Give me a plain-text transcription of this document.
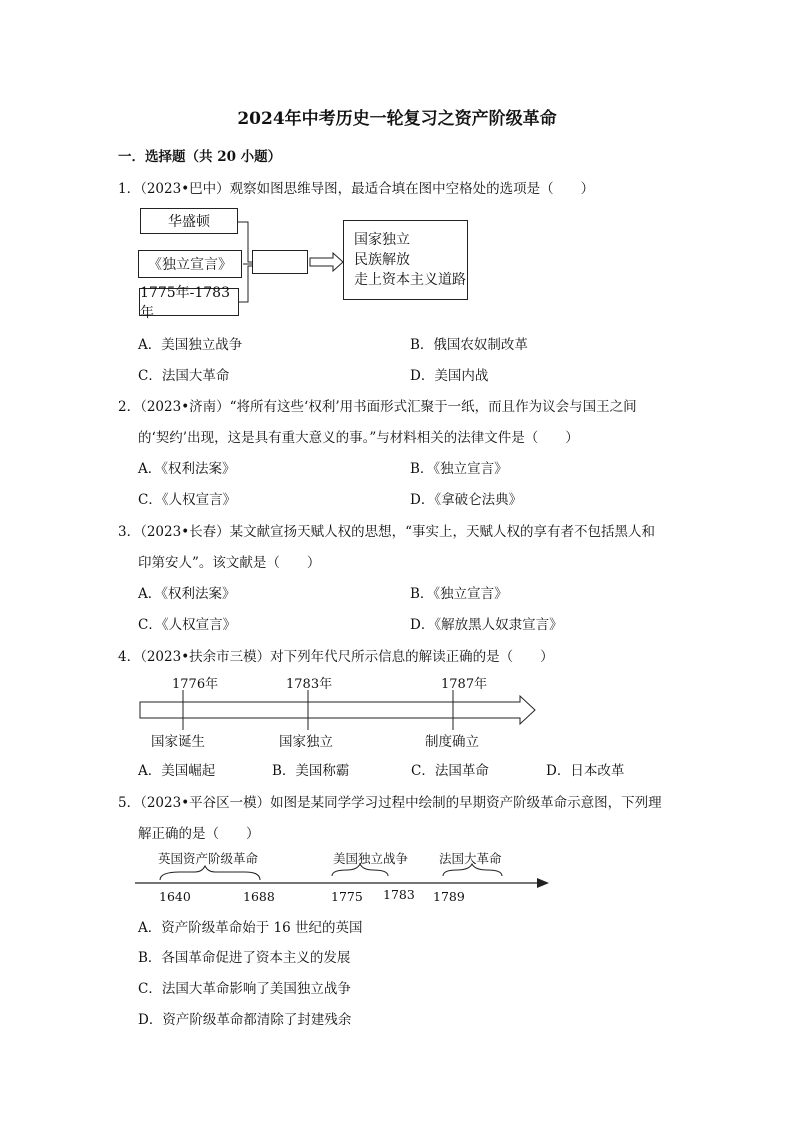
2024年中考历史一轮复习之资产阶级革命
一．选择题（共 20 小题）
1．（2023•巴中）观察如图思维导图，最适合填在图中空格处的选项是（　　）
华盛顿
《独立宣言》
1775年-1783年
国家独立
民族解放
走上资本主义道路
A．美国独立战争	B．俄国农奴制改革
C．法国大革命	D．美国内战
2．（2023•济南）“将所有这些‘权利’用书面形式汇聚于一纸，而且作为议会与国王之间
的‘契约’出现，这是具有重大意义的事。”与材料相关的法律文件是（　　）
A．《权利法案》	B．《独立宣言》
C．《人权宣言》	D．《拿破仑法典》
3．（2023•长春）某文献宣扬天赋人权的思想，“事实上，天赋人权的享有者不包括黑人和
印第安人”。该文献是（　　）
A．《权利法案》	B．《独立宣言》
C．《人权宣言》	D．《解放黑人奴隶宣言》
4．（2023•扶余市三模）对下列年代尺所示信息的解读正确的是（　　）
1776年	1783年	1787年
国家诞生	国家独立	制度确立
A．美国崛起	B．美国称霸	C．法国革命	D．日本改革
5．（2023•平谷区一模）如图是某同学学习过程中绘制的早期资产阶级革命示意图，下列理
解正确的是（　　）
英国资产阶级革命	美国独立战争 法国大革命
1640	1688	1775 1783 1789
A．资产阶级革命始于 16 世纪的英国
B．各国革命促进了资本主义的发展
C．法国大革命影响了美国独立战争
D．资产阶级革命都清除了封建残余
